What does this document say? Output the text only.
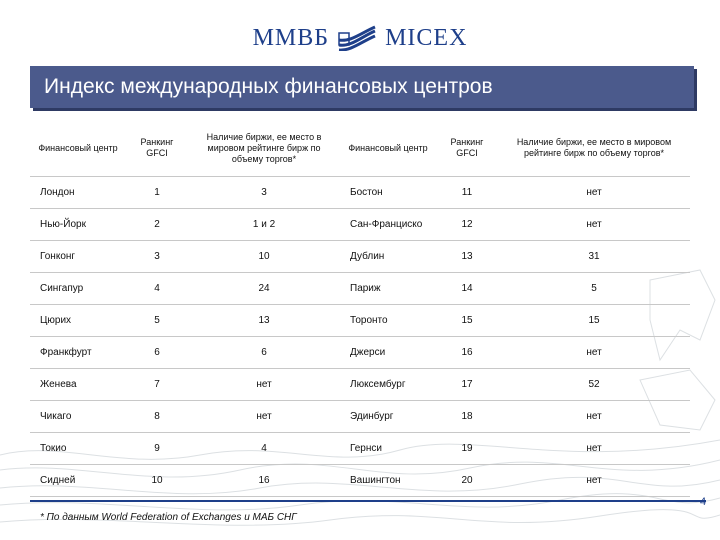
ММВБ MICEX
Индекс международных финансовых центров
Финансовый центр	Ранкинг GFCI	Наличие биржи, ее место в мировом рейтинге бирж по объему торгов*	Финансовый центр	Ранкинг GFCI	Наличие биржи, ее место в мировом рейтинге бирж по объему торгов*
Лондон	1	3	Бостон	11	нет
Нью-Йорк	2	1 и 2	Сан-Франциско	12	нет
Гонконг	3	10	Дублин	13	31
Сингапур	4	24	Париж	14	5
Цюрих	5	13	Торонто	15	15
Франкфурт	6	6	Джерси	16	нет
Женева	7	нет	Люксембург	17	52
Чикаго	8	нет	Эдинбург	18	нет
Токио	9	4	Гернси	19	нет
Сидней	10	16	Вашингтон	20	нет
4
* По данным World Federation of Exchanges и МАБ СНГ
